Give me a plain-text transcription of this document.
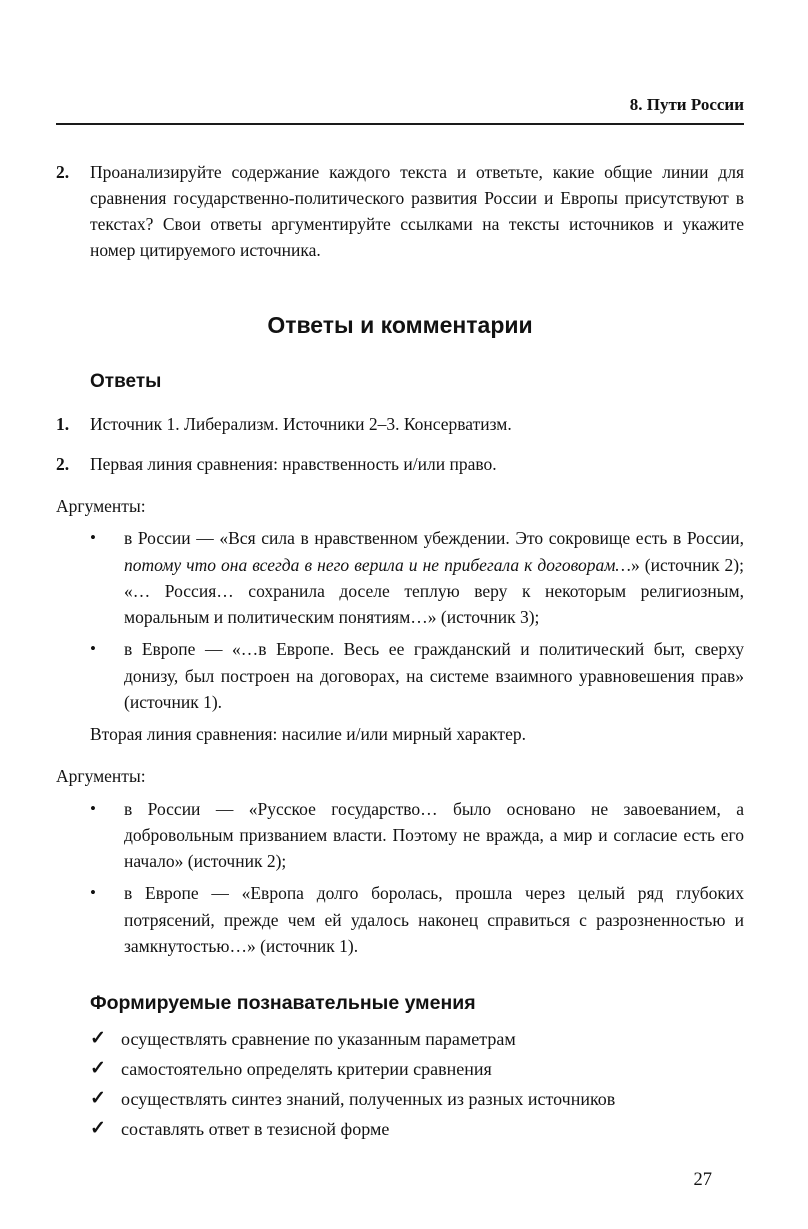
8. Пути России
2.	Проанализируйте содержание каждого текста и ответьте, какие общие линии для сравнения государственно-политического развития России и Европы присутствуют в текстах? Свои ответы аргументируйте ссылками на тексты источников и укажите номер цитируемого источника.

Ответы и комментарии
Ответы
1.	Источник 1. Либерализм. Источники 2–3. Консерватизм.

2.	Первая линия сравнения: нравственность и/или право.

Аргументы:

•	в России — «Вся сила в нравственном убеждении. Это сокровище есть в России, потому что она всегда в него верила и не прибегала к договорам…» (источник 2); «… Россия… сохранила доселе теплую веру к некоторым религиозным, моральным и политическим понятиям…» (источник 3);

•	в Европе — «…в Европе. Весь ее гражданский и политический быт, сверху донизу, был построен на договорах, на системе взаимного уравновешения прав» (источник 1).

Вторая линия сравнения: насилие и/или мирный характер.

Аргументы:

•	в России — «Русское государство… было основано не завоеванием, а добровольным призванием власти. Поэтому не вражда, а мир и согласие есть его начало» (источник 2);

•	в Европе — «Европа долго боролась, прошла через целый ряд глубоких потрясений, прежде чем ей удалось наконец справиться с разрозненностью и замкнутостью…» (источник 1).

Формируемые познавательные умения
✓ осуществлять сравнение по указанным параметрам

✓ самостоятельно определять критерии сравнения

✓ осуществлять синтез знаний, полученных из разных источников

✓ составлять ответ в тезисной форме

27
